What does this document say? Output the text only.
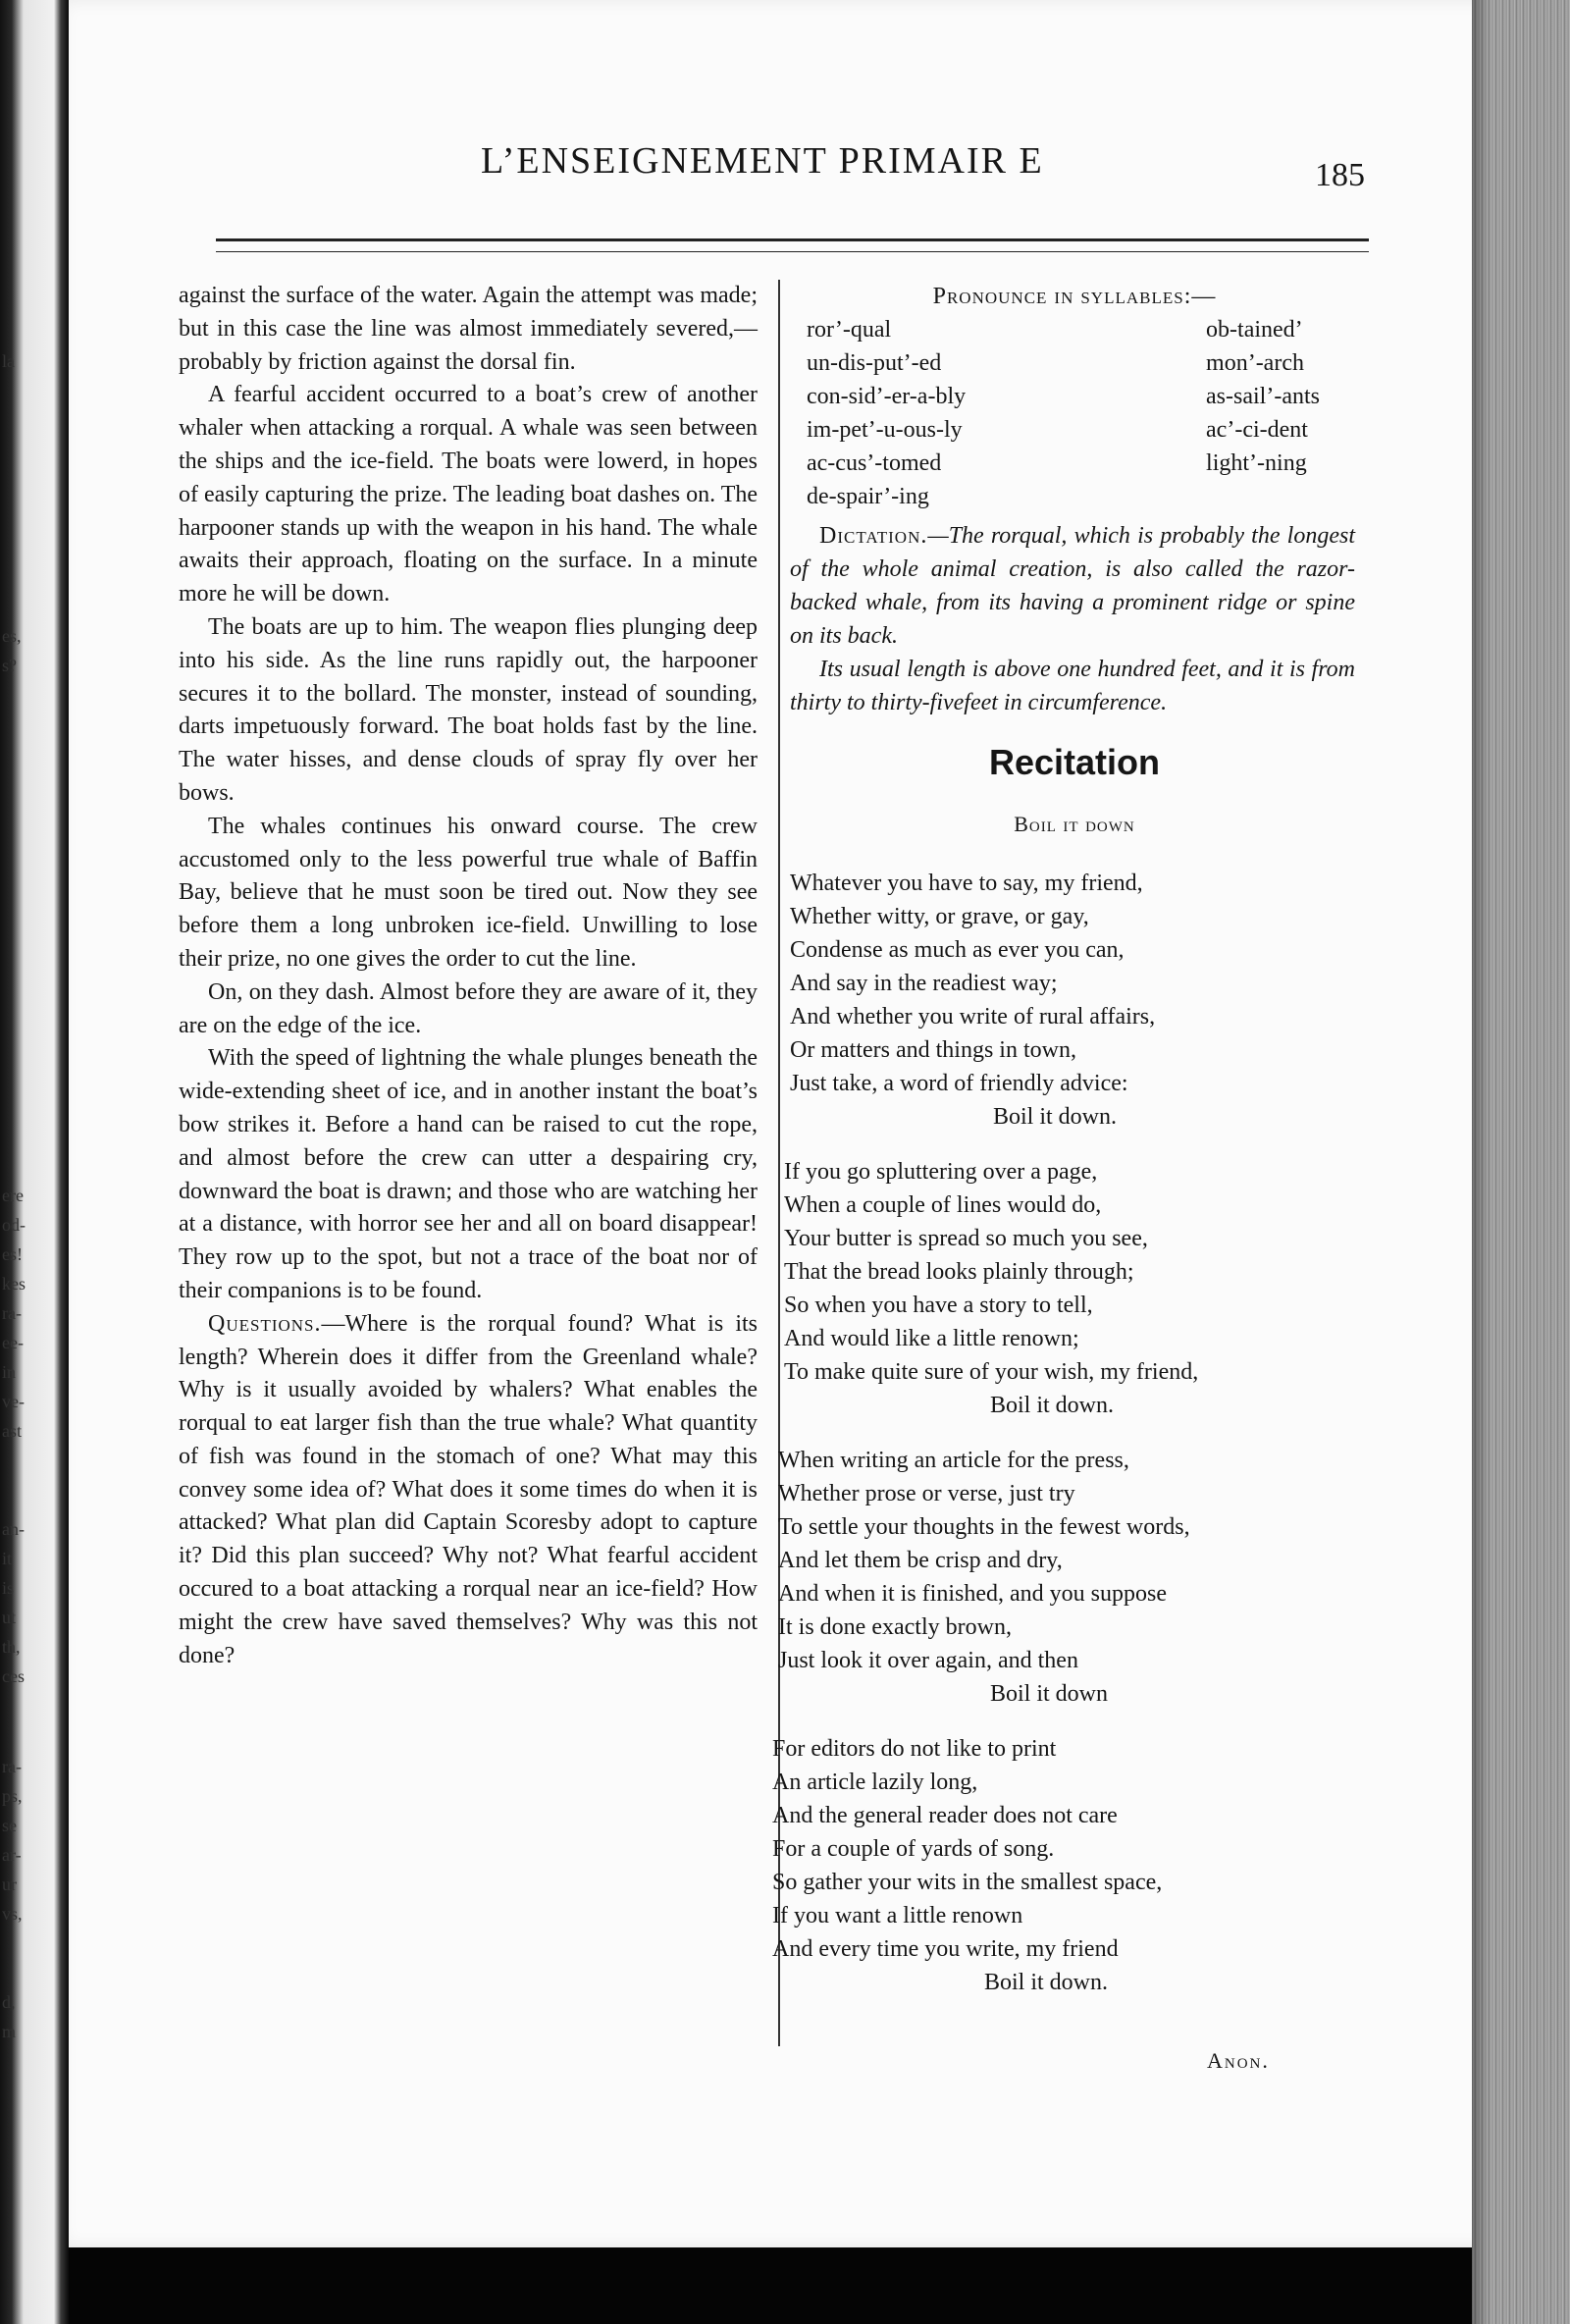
la
es,
s?
ere
od-
es!
kes
ra-
ee-
in
ve-
ast
an-
it
is
ut
th,
ces
ra-
ps,
se
ar-
ur
vs,
d,
m
L’ENSEIGNEMENT PRIMAIR E	185

against the surface of the water. Again the attempt was made; but in this case the line was almost immediately severed,—probably by friction against the dorsal fin.

A fearful accident occurred to a boat’s crew of another whaler when attacking a rorqual. A whale was seen between the ships and the ice-field. The boats were lowerd, in hopes of easily capturing the prize. The leading boat dashes on. The harpooner stands up with the weapon in his hand. The whale awaits their approach, floating on the surface. In a minute more he will be down.

The boats are up to him. The weapon flies plunging deep into his side. As the line runs rapidly out, the harpooner secures it to the bollard. The monster, instead of sounding, darts impetuously forward. The boat holds fast by the line. The water hisses, and dense clouds of spray fly over her bows.

The whales continues his onward course. The crew accustomed only to the less powerful true whale of Baffin Bay, believe that he must soon be tired out. Now they see before them a long unbroken ice-field. Unwilling to lose their prize, no one gives the order to cut the line.

On, on they dash. Almost before they are aware of it, they are on the edge of the ice.

With the speed of lightning the whale plunges beneath the wide-extending sheet of ice, and in another instant the boat’s bow strikes it. Before a hand can be raised to cut the rope, and almost before the crew can utter a despairing cry, downward the boat is drawn; and those who are watching her at a distance, with horror see her and all on board disappear! They row up to the spot, but not a trace of the boat nor of their companions is to be found.

Questions.—Where is the rorqual found? What is its length? Wherein does it differ from the Greenland whale? Why is it usually avoided by whalers? What enables the rorqual to eat larger fish than the true whale? What quantity of fish was found in the stomach of one? What may this convey some idea of? What does it some times do when it is attacked? What plan did Captain Scoresby adopt to capture it? Did this plan succeed? Why not? What fearful accident occured to a boat attacking a rorqual near an ice-field? How might the crew have saved themselves? Why was this not done?

Pronounce in syllables:—

ror’-qual
un-dis-put’-ed
con-sid’-er-a-bly
im-pet’-u-ous-ly
ac-cus’-tomed
de-spair’-ing
ob-tained’
mon’-arch
as-sail’-ants
ac’-ci-dent
light’-ning
Dictation.—The rorqual, which is probably the longest of the whole animal creation, is also called the razor-backed whale, from its having a prominent ridge or spine on its back.
Its usual length is above one hundred feet, and it is from thirty to thirty-fivefeet in circumference.
Recitation
Boil it down
Whatever you have to say, my friend,
Whether witty, or grave, or gay,
Condense as much as ever you can,
And say in the readiest way;
And whether you write of rural affairs,
Or matters and things in town,
Just take, a word of friendly advice:
Boil it down.
If you go spluttering over a page,
When a couple of lines would do,
Your butter is spread so much you see,
That the bread looks plainly through;
So when you have a story to tell,
And would like a little renown;
To make quite sure of your wish, my friend,
Boil it down.
When writing an article for the press,
Whether prose or verse, just try
To settle your thoughts in the fewest words,
And let them be crisp and dry,
And when it is finished, and you suppose
It is done exactly brown,
Just look it over again, and then
Boil it down
For editors do not like to print
An article lazily long,
And the general reader does not care
For a couple of yards of song.
So gather your wits in the smallest space,
If you want a little renown
And every time you write, my friend
Boil it down.
Anon.
